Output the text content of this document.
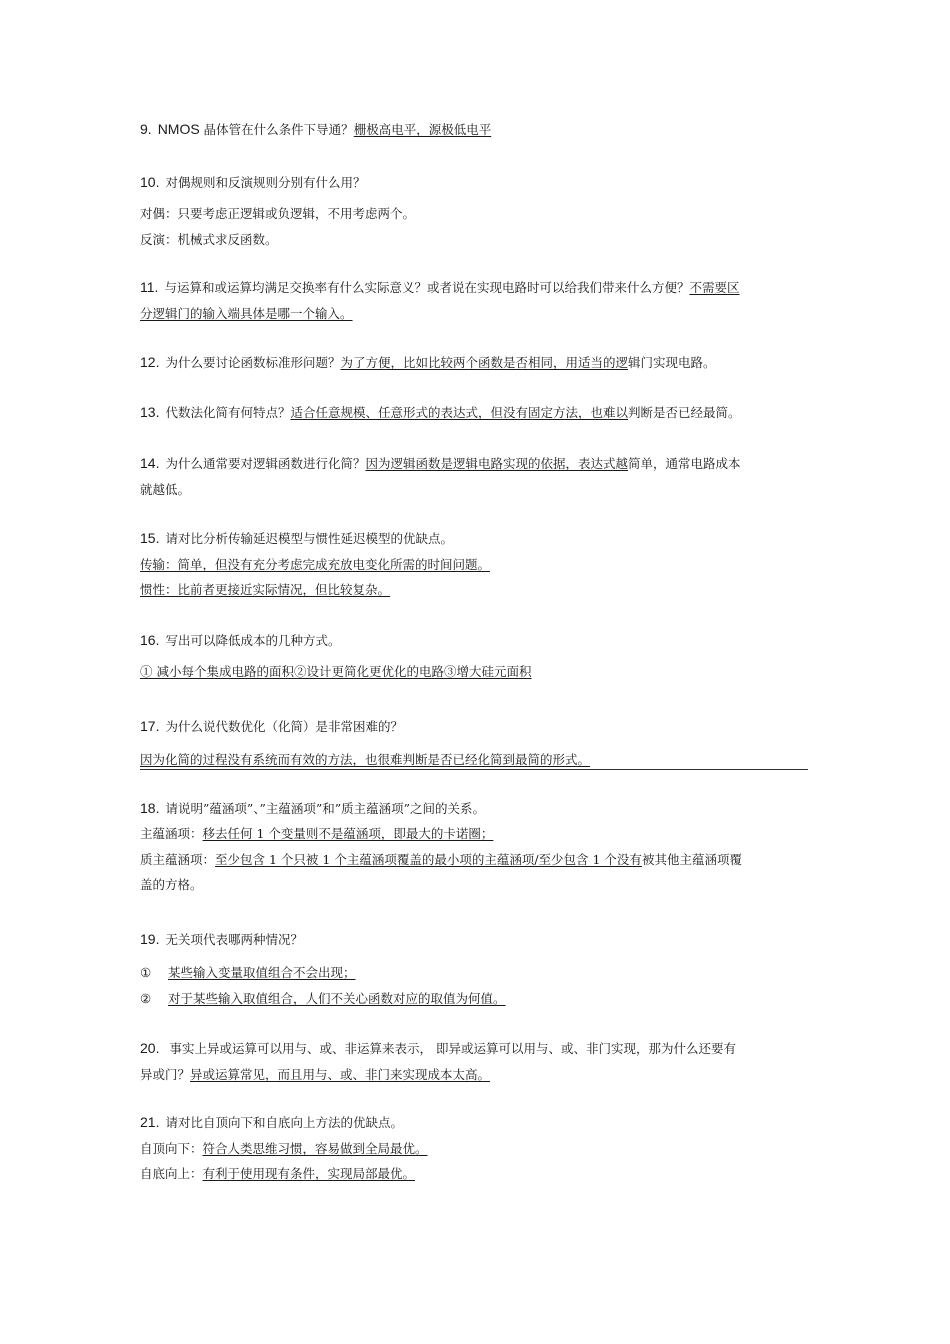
9. NMOS 晶体管在什么条件下导通？栅极高电平，源极低电平
10. 对偶规则和反演规则分别有什么用？
对偶：只要考虑正逻辑或负逻辑，不用考虑两个。
反演：机械式求反函数。
11. 与运算和或运算均满足交换率有什么实际意义？或者说在实现电路时可以给我们带来什么方便？不需要区
分逻辑门的输入端具体是哪一个输入。
12. 为什么要讨论函数标准形问题？为了方便，比如比较两个函数是否相同，用适当的逻辑门实现电路。
13. 代数法化简有何特点？适合任意规模、任意形式的表达式，但没有固定方法，也难以判断是否已经最简。
14. 为什么通常要对逻辑函数进行化简？因为逻辑函数是逻辑电路实现的依据，表达式越简单，通常电路成本
就越低。
15. 请对比分析传输延迟模型与惯性延迟模型的优缺点。
传输：简单，但没有充分考虑完成充放电变化所需的时间问题。
惯性：比前者更接近实际情况，但比较复杂。
16. 写出可以降低成本的几种方式。
① 减小每个集成电路的面积②设计更简化更优化的电路③增大硅元面积
17. 为什么说代数优化（化简）是非常困难的？
因为化简的过程没有系统而有效的方法，也很难判断是否已经化简到最简的形式。
18. 请说明”蕴涵项”、”主蕴涵项”和”质主蕴涵项”之间的关系。
主蕴涵项：移去任何 1 个变量则不是蕴涵项，即最大的卡诺圈；
质主蕴涵项：至少包含 1 个只被 1 个主蕴涵项覆盖的最小项的主蕴涵项/至少包含 1 个没有被其他主蕴涵项覆
盖的方格。
19. 无关项代表哪两种情况？
① 某些输入变量取值组合不会出现；
② 对于某些输入取值组合，人们不关心函数对应的取值为何值。
20. 事实上异或运算可以用与、或、非运算来表示， 即异或运算可以用与、或、非门实现，那为什么还要有
异或门？异或运算常见，而且用与、或、非门来实现成本太高。
21. 请对比自顶向下和自底向上方法的优缺点。
自顶向下：符合人类思维习惯，容易做到全局最优。
自底向上：有利于使用现有条件，实现局部最优。
